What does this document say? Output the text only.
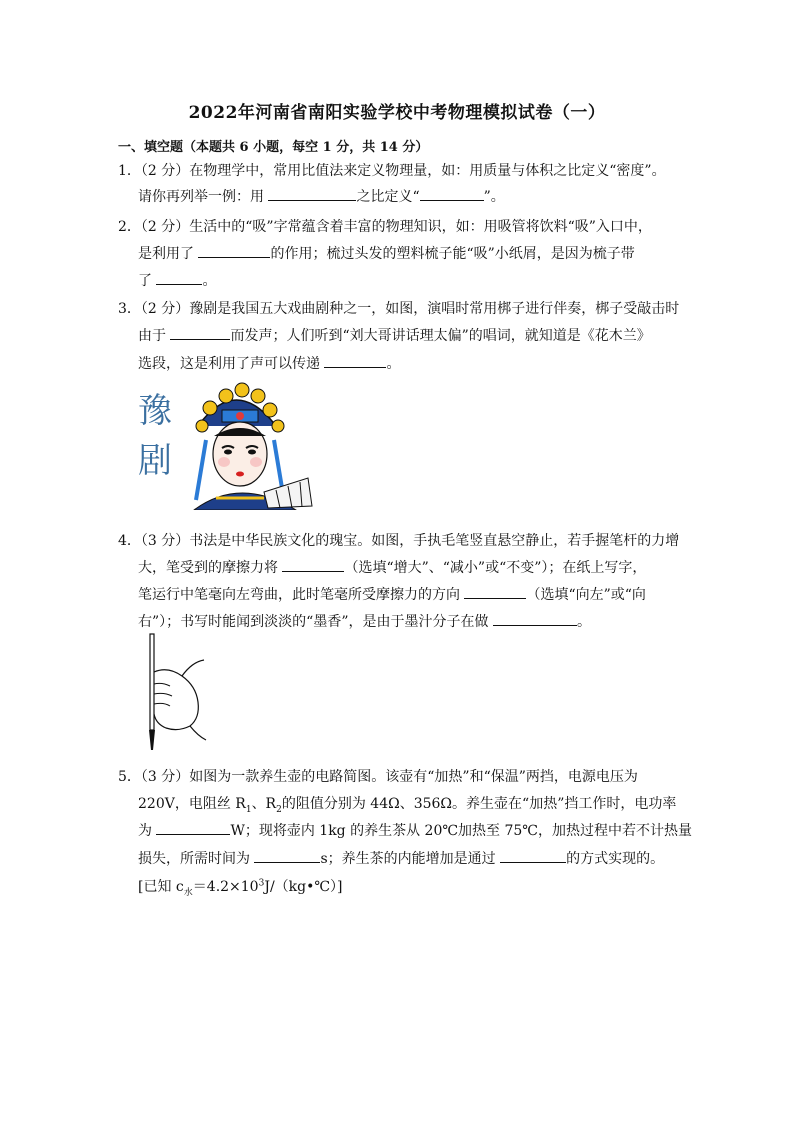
2022年河南省南阳实验学校中考物理模拟试卷（一）
一、填空题（本题共 6 小题，每空 1 分，共 14 分）
1．（2 分）在物理学中，常用比值法来定义物理量，如：用质量与体积之比定义“密度”。
请你再列举一例：用	之比定义“	”。
2．（2 分）生活中的“吸”字常蕴含着丰富的物理知识，如：用吸管将饮料“吸”入口中，
是利用了	的作用；梳过头发的塑料梳子能“吸”小纸屑，是因为梳子带
了	。
3．（2 分）豫剧是我国五大戏曲剧种之一，如图，演唱时常用梆子进行伴奏，梆子受敲击时
由于	而发声；人们听到“刘大哥讲话理太偏”的唱词，就知道是《花木兰》
选段，这是利用了声可以传递	。
豫
剧
4．（3 分）书法是中华民族文化的瑰宝。如图，手执毛笔竖直悬空静止，若手握笔杆的力增
大，笔受到的摩擦力将	（选填“增大”、“减小”或“不变”）；在纸上写字，
笔运行中笔毫向左弯曲，此时笔毫所受摩擦力的方向	（选填“向左”或“向
右”）；书写时能闻到淡淡的“墨香”，是由于墨汁分子在做	。
5．（3 分）如图为一款养生壶的电路简图。该壶有“加热”和“保温”两挡，电源电压为
220V，电阻丝 $R_1$、$R_2$的阻值分别为 44Ω、356Ω。养生壶在“加热”挡工作时，电功率
为	W；现将壶内 1kg 的养生茶从 20℃加热至 75℃，加热过程中若不计热量
损失，所需时间为	s；养生茶的内能增加是通过	的方式实现的。
[已知 $c_水=4.2\times 10^3J/(kg•℃)$]
